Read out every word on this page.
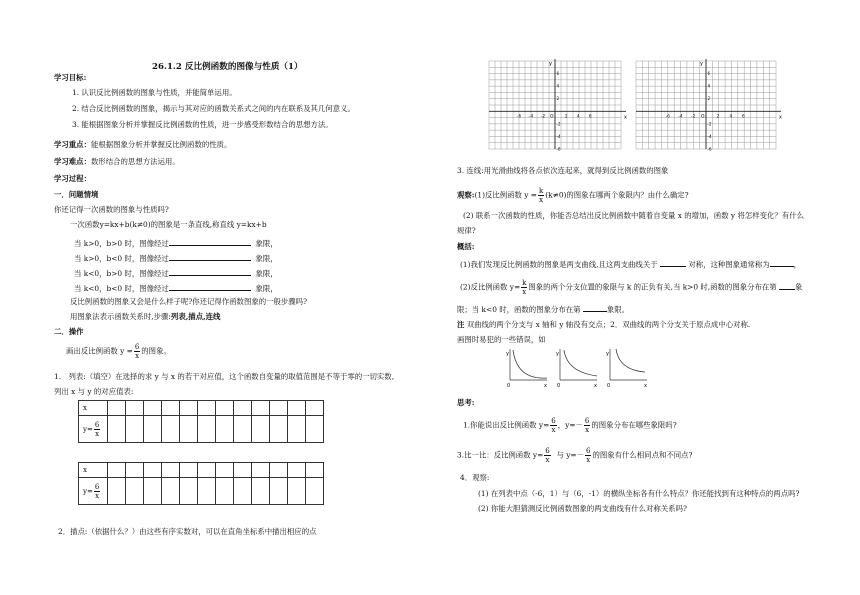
26.1.2 反比例函数的图像与性质（1）
学习目标:
1. 认识反比例函数的图象与性质，并能简单运用。
2. 结合反比例函数的图象，揭示与其对应的函数关系式之间的内在联系及其几何意义。
3. 能根据图象分析并掌握反比例函数的性质，进一步感受形数结合的思想方法。
学习重点：能根据图象分析并掌握反比例函数的性质。
学习难点：数形结合的思想方法运用。
学习过程：
一．问题情境
你还记得一次函数的图象与性质吗?
一次函数y=kx+b(k≠0)的图象是一条直线,称直线 y=kx+b
当 k>0，b>0 时，图像经过	象限，
当 k>0，b<0 时，图像经过	象限，
当 k<0，b>0 时，图像经过	象限，
当 k<0，b<0 时，图像经过	象限，
反比例函数的图象又会是什么样子呢?你还记得作函数图象的一般步骤吗?
用图象法表示函数关系时,步骤:列表,描点,连线
二．操作
画出反比例函数 $y = \frac{6}{x}$ 的图象。
1.　列表:（填空）在选择的求 y 与 x 的若干对应值，这个函数自变量的取值范围是不等于零的一切实数,
列出 x 与 y 的对应值表:
x												
$y= \frac{6}{x}$

x												
$y= \frac{6}{x}$

2．描点:（依据什么？）由这些有序实数对，可以在直角坐标系中描出相应的点
x
y
O
-6
-6
-4
-4
-2
-2
2
2
4
4
6
6
x
y
O
-6
-6
-4
-4
-2
-2
2
2
4
4
6
6
3. 连线:用光滑曲线将各点依次连起来，就得到反比例函数的图象
观察:(1)反比例函数 $y = \frac{k}{x} (k\ne 0)$的图象在哪两个象限内？由什么确定?
(2) 联系一次函数的性质，你能否总结出反比例函数中随着自变量 x 的增加，函数 y 将怎样变化？有什么
规律?
概括:
(1)我们发现反比例函数的图象是两支曲线,且这两支曲线关于	对称，这种图象通常称为	，
(2)反比例函数 $y= \frac{k}{x}$ 图象的两个分支位置的象限与 k 的正负有关,当 k>0 时,函数的图象分布在第 象
限；当 k<0 时，函数的图象分布在第	象限。
注 双曲线的两个分支与 x 轴和 y 轴没有交点；2．双曲线的两个分支关于原点成中心对称.
画图时易犯的一些错误，如
y
x
0
y
x
0
y
x
0
思考:
1.你能说出反比例函数 $y= \frac{6}{x}$ ，$y=- \frac{6}{x}$ 的图象分布在哪些象限吗?
3.比一比：反比例函数 $y= \frac{6}{x}$ 与 $y=- \frac{6}{x}$ 的图象有什么相同点和不同点?
4．观察:
(1) 在列表中点（-6，1）与（6，-1）的横纵坐标各有什么特点？你还能找到有这种特点的两点吗?
(2) 你能大胆猜测反比例函数图象的两支曲线有什么对称关系吗?
